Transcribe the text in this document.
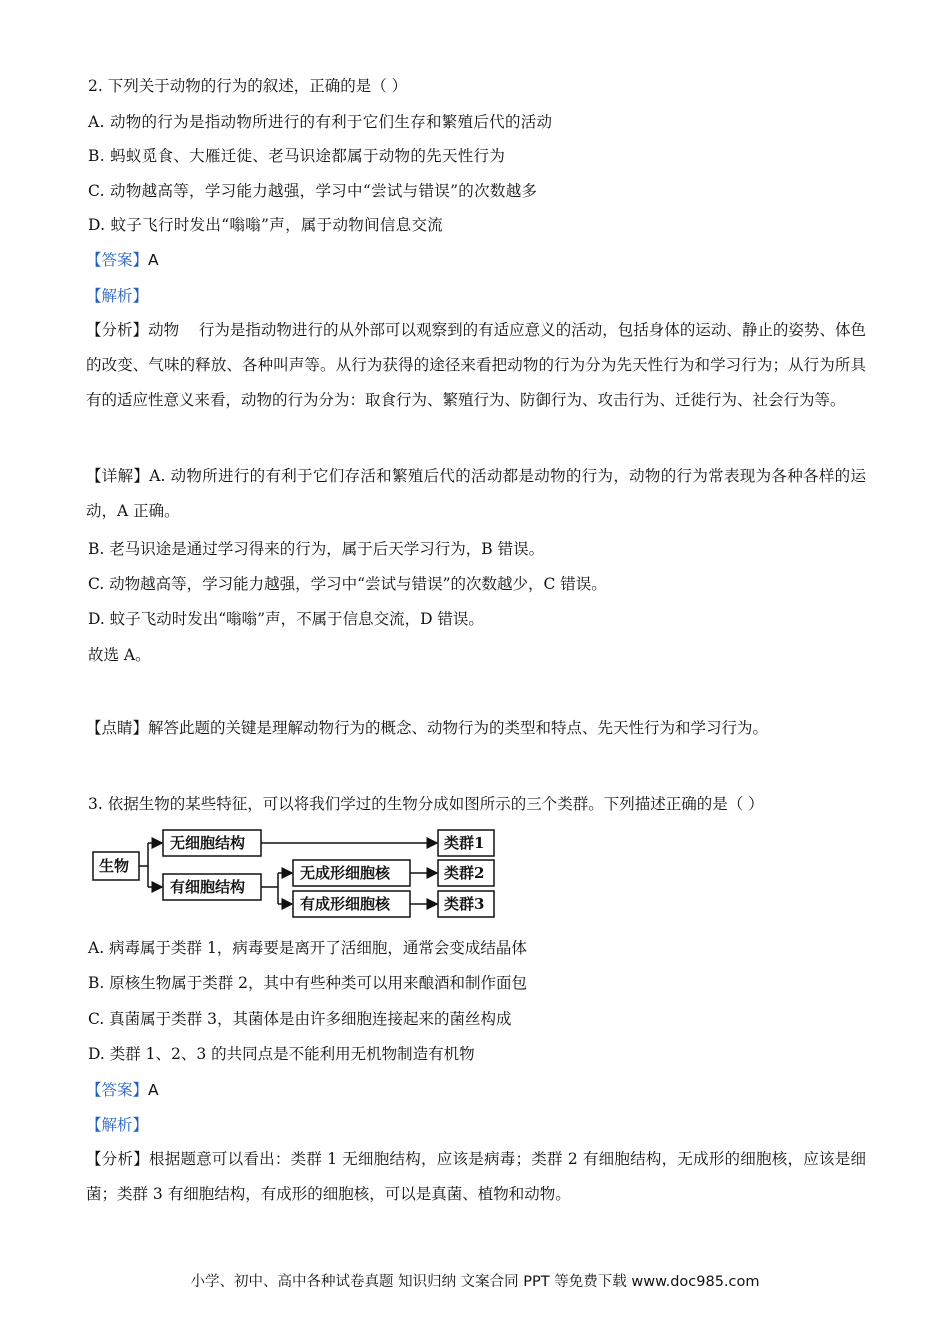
2. 下列关于动物的行为的叙述，正确的是（ ）
A. 动物的行为是指动物所进行的有利于它们生存和繁殖后代的活动
B. 蚂蚁觅食、大雁迁徙、老马识途都属于动物的先天性行为
C. 动物越高等，学习能力越强，学习中“尝试与错误”的次数越多
D. 蚊子飞行时发出“嗡嗡”声，属于动物间信息交流
【答案】A
【解析】
【分析】动物    行为是指动物进行的从外部可以观察到的有适应意义的活动，包括身体的运动、静止的姿势、体色的改变、气味的释放、各种叫声等。从行为获得的途径来看把动物的行为分为先天性行为和学习行为；从行为所具有的适应性意义来看，动物的行为分为：取食行为、繁殖行为、防御行为、攻击行为、迁徙行为、社会行为等。
【详解】A. 动物所进行的有利于它们存活和繁殖后代的活动都是动物的行为，动物的行为常表现为各种各样的运动，A 正确。
B. 老马识途是通过学习得来的行为，属于后天学习行为，B 错误。
C. 动物越高等，学习能力越强，学习中“尝试与错误”的次数越少，C 错误。
D. 蚊子飞动时发出“嗡嗡”声，不属于信息交流，D 错误。
故选 A。
【点睛】解答此题的关键是理解动物行为的概念、动物行为的类型和特点、先天性行为和学习行为。
3. 依据生物的某些特征，可以将我们学过的生物分成如图所示的三个类群。下列描述正确的是（ ）
生物
无细胞结构
有细胞结构
无成形细胞核
有成形细胞核
类群1
类群2
类群3
A. 病毒属于类群 1，病毒要是离开了活细胞，通常会变成结晶体
B. 原核生物属于类群 2，其中有些种类可以用来酿酒和制作面包
C. 真菌属于类群 3，其菌体是由许多细胞连接起来的菌丝构成
D. 类群 1、2、3 的共同点是不能利用无机物制造有机物
【答案】A
【解析】
【分析】根据题意可以看出：类群 1 无细胞结构，应该是病毒；类群 2 有细胞结构，无成形的细胞核，应该是细菌；类群 3 有细胞结构，有成形的细胞核，可以是真菌、植物和动物。
小学、初中、高中各种试卷真题 知识归纳 文案合同 PPT 等免费下载 www.doc985.com
